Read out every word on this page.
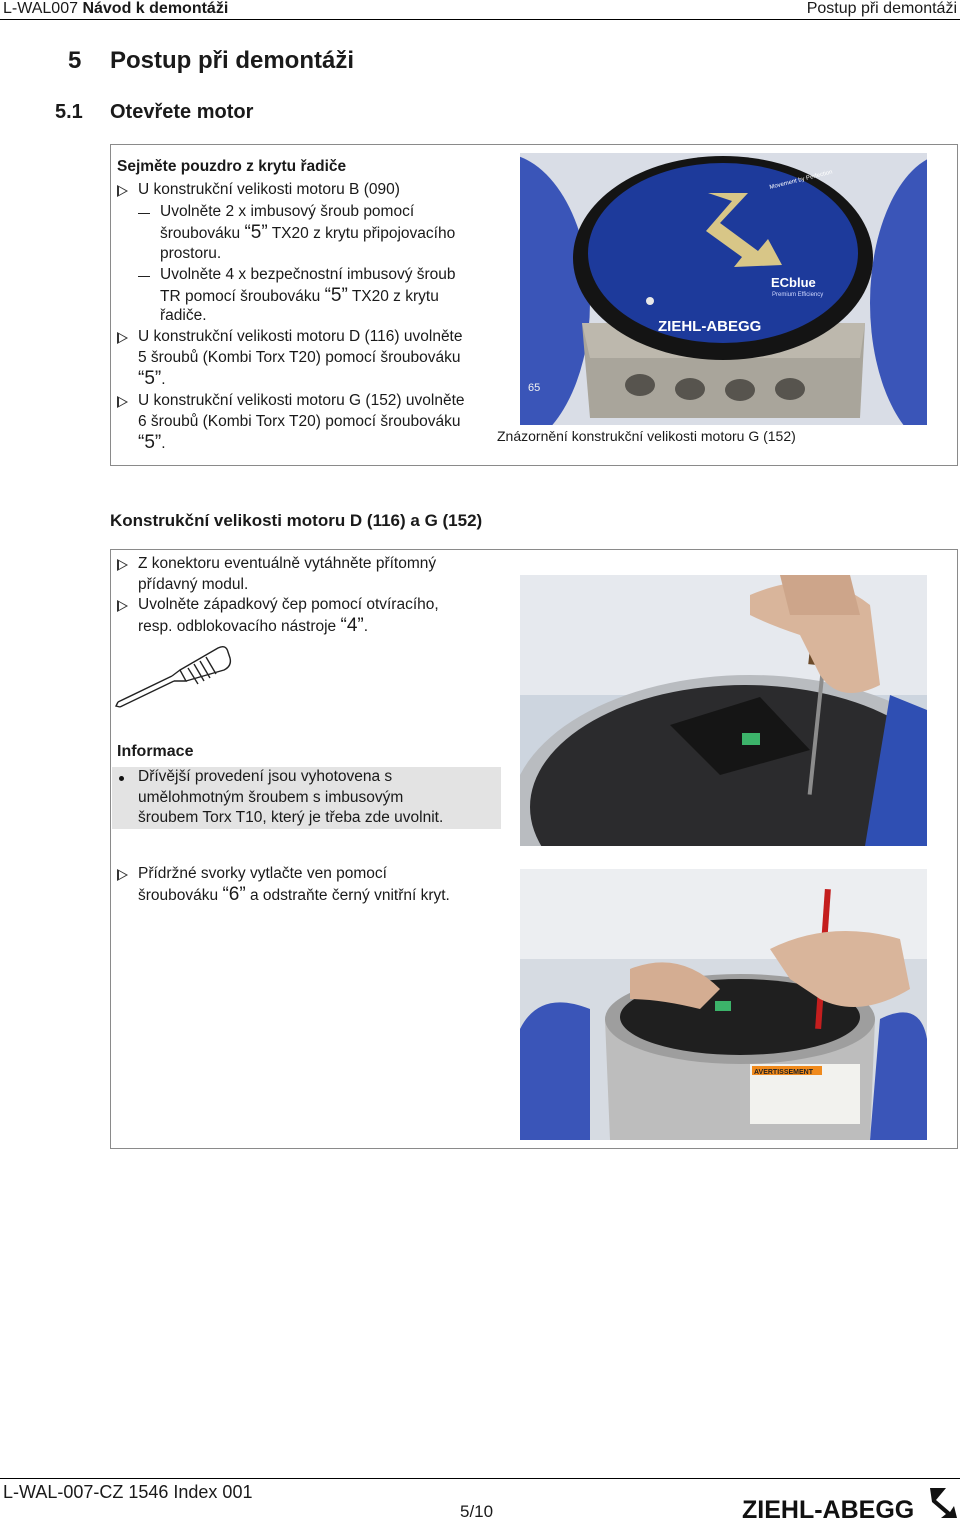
L-WAL007 Návod k demontáži	Postup při demontáži
5 Postup při demontáži
5.1 Otevřete motor
Sejměte pouzdro z krytu řadiče
U konstrukční velikosti motoru B (090)
Uvolněte 2 x imbusový šroub pomocí
šroubováku “5” TX20 z krytu připojovacího
prostoru.
Uvolněte 4 x bezpečnostní imbusový šroub
TR pomocí šroubováku “5” TX20 z krytu
řadiče.
U konstrukční velikosti motoru D (116) uvolněte
5 šroubů (Kombi Torx T20) pomocí šroubováku
“5”.
U konstrukční velikosti motoru G (152) uvolněte
6 šroubů (Kombi Torx T20) pomocí šroubováku
“5”.
ECblue
Premium Efficiency
ZIEHL-ABEGG
Movement by Perfection
65
Znázornění konstrukční velikosti motoru G (152)
Konstrukční velikosti motoru D (116) a G (152)
Z konektoru eventuálně vytáhněte přítomný
přídavný modul.
Uvolněte západkový čep pomocí otvíracího,
resp. odblokovacího nástroje “4”.
Informace
Dřívější provedení jsou vyhotovena s
umělohmotným šroubem s imbusovým
šroubem Torx T10, který je třeba zde uvolnit.
Přídržné svorky vytlačte ven pomocí
šroubováku “6” a odstraňte černý vnitřní kryt.
AVERTISSEMENT
L-WAL-007-CZ 1546 Index 001
5/10	ZIEHL-ABEGG
